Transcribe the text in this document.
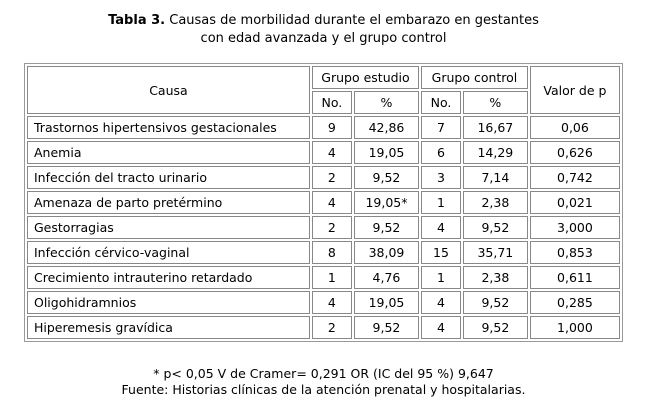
Tabla 3. Causas de morbilidad durante el embarazo en gestantes
con edad avanzada y el grupo control
Causa	Grupo estudio		Grupo control		Valor de p
	No.	%	No.	%	
Trastornos hipertensivos gestacionales	9	42,86	7	16,67	0,06
Anemia	4	19,05	6	14,29	0,626
Infección del tracto urinario	2	9,52	3	7,14	0,742
Amenaza de parto pretérmino	4	19,05*	1	2,38	0,021
Gestorragias	2	9,52	4	9,52	3,000
Infección cérvico-vaginal	8	38,09	15	35,71	0,853
Crecimiento intrauterino retardado	1	4,76	1	2,38	0,611
Oligohidramnios	4	19,05	4	9,52	0,285
Hiperemesis gravídica	2	9,52	4	9,52	1,000
* p< 0,05 V de Cramer= 0,291 OR (IC del 95 %) 9,647
Fuente: Historias clínicas de la atención prenatal y hospitalarias.
